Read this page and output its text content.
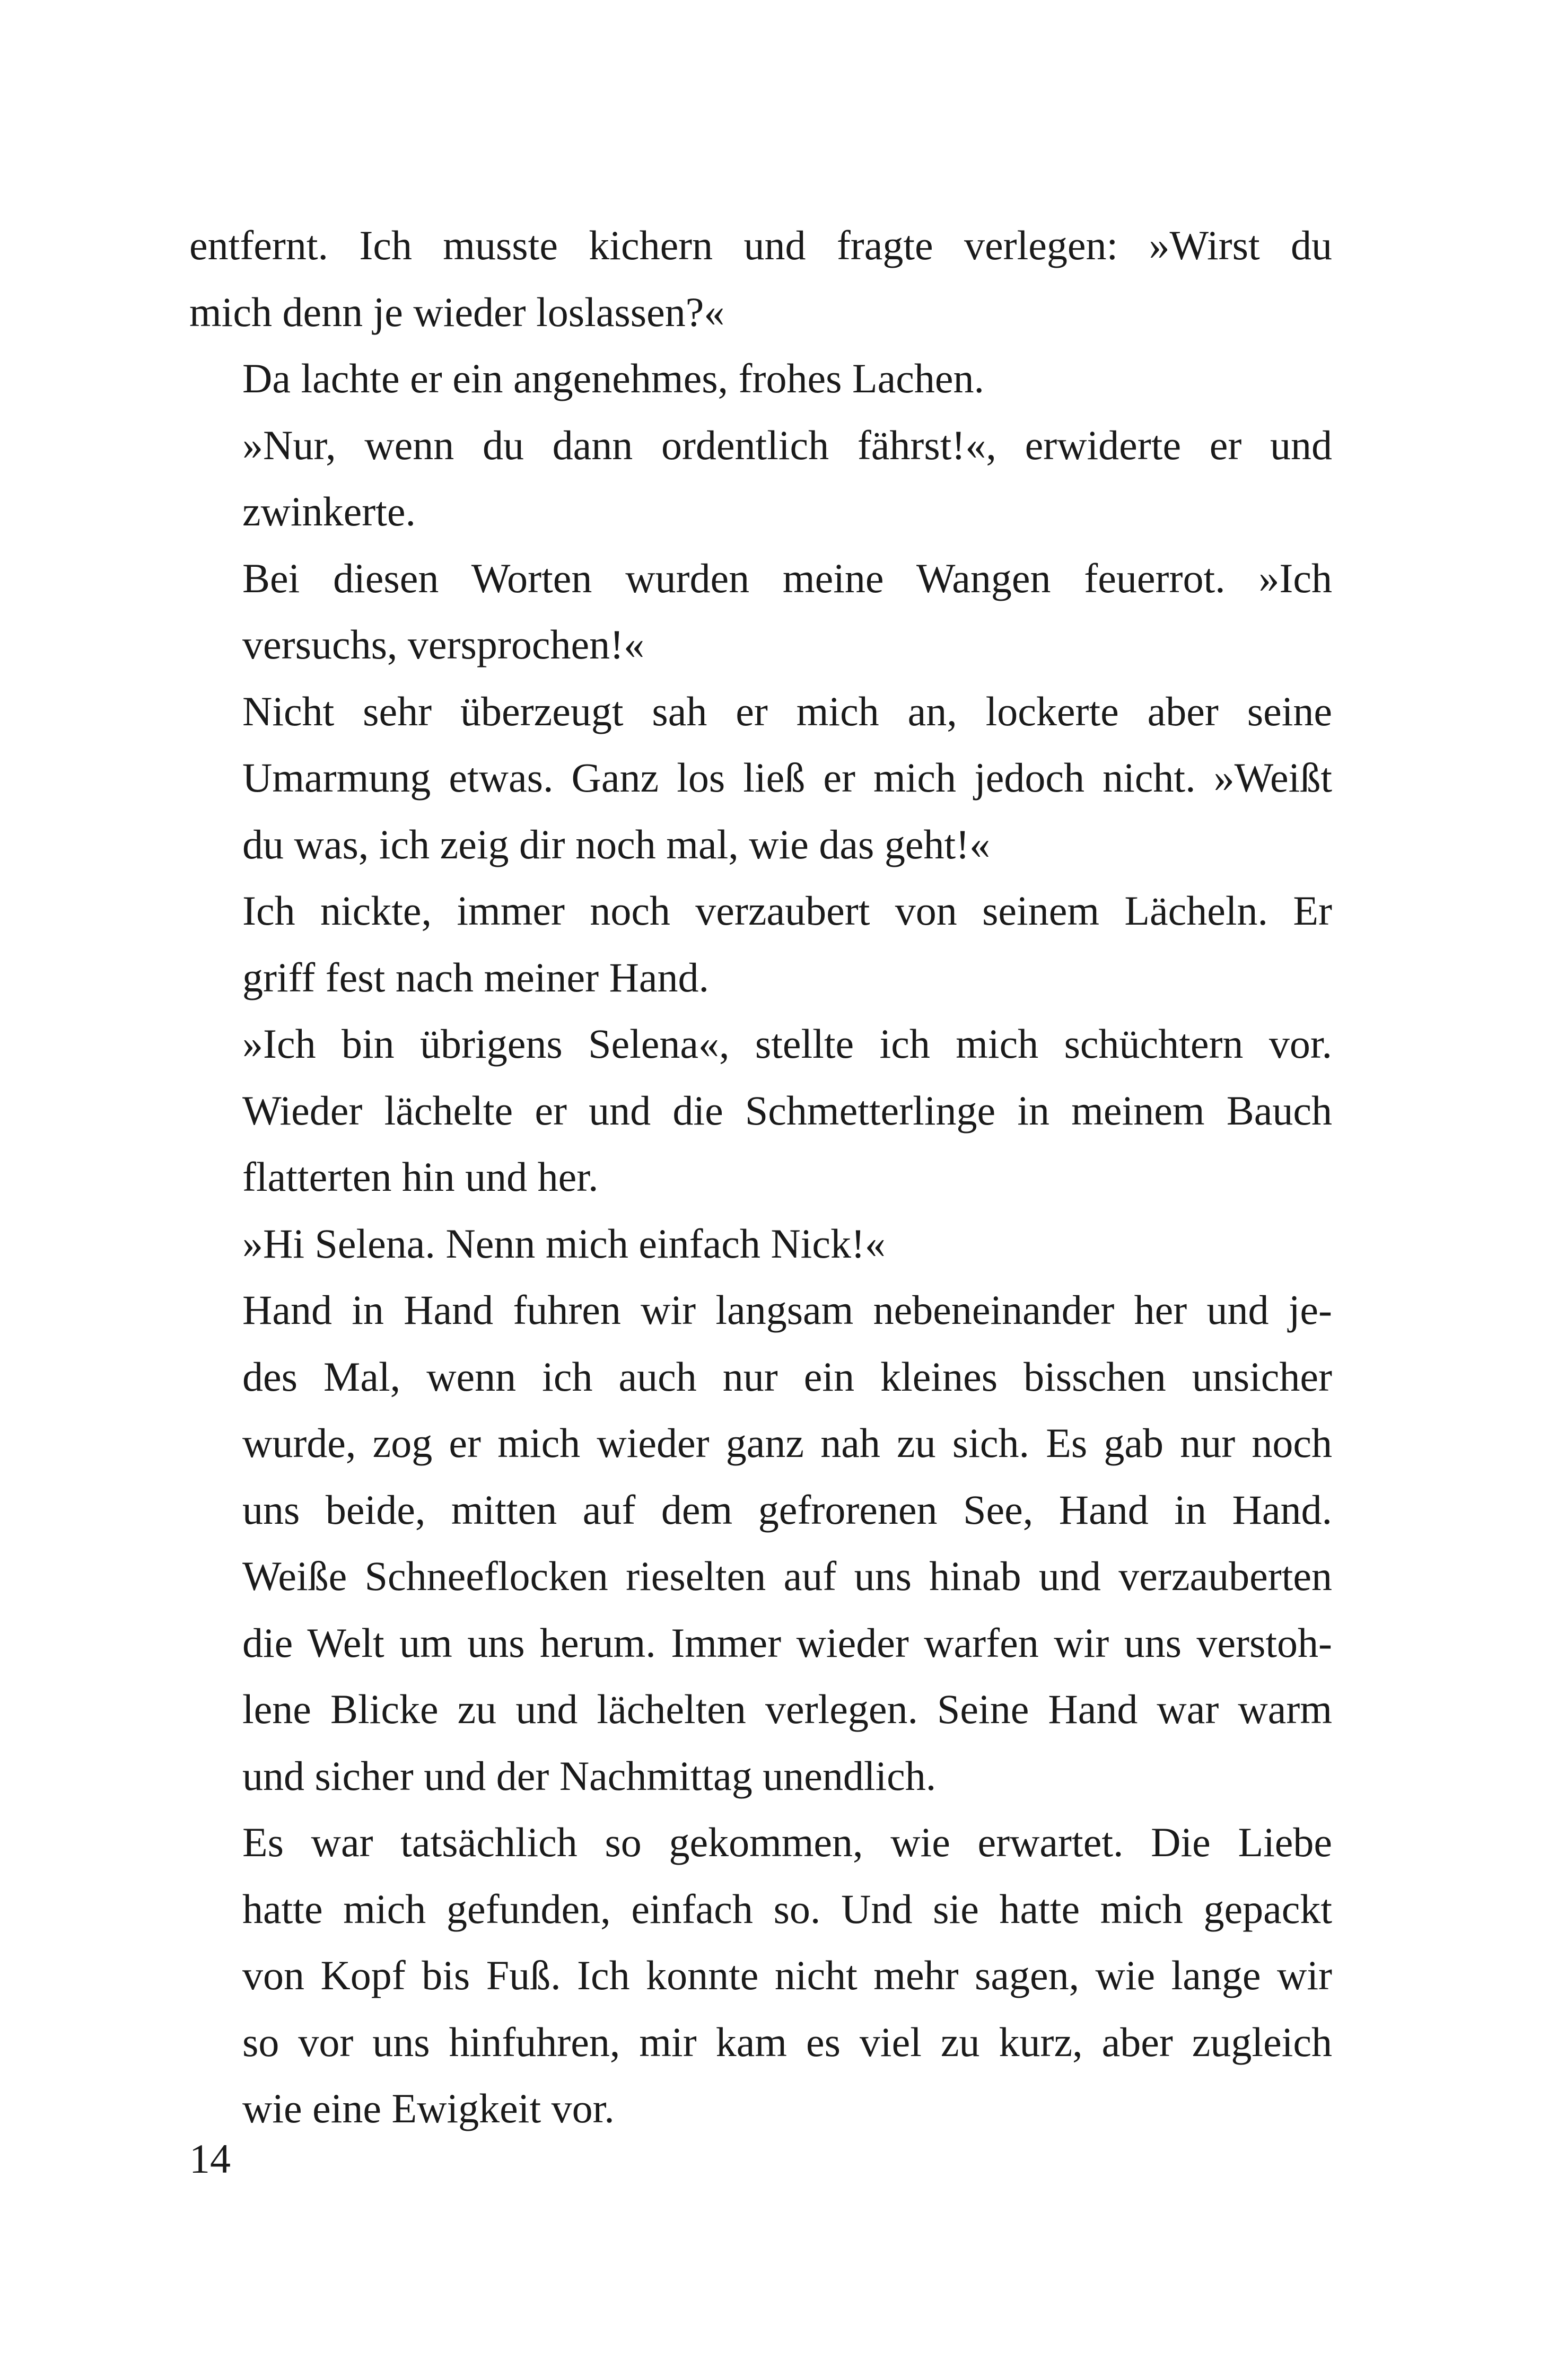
entfernt. Ich musste kichern und fragte verlegen: »Wirst du
mich denn je wieder loslassen?«
Da lachte er ein angenehmes, frohes Lachen.
»Nur, wenn du dann ordentlich fährst!«, erwiderte er und
zwinkerte.
Bei diesen Worten wurden meine Wangen feuerrot. »Ich
versuchs, versprochen!«
Nicht sehr überzeugt sah er mich an, lockerte aber seine
Umarmung etwas. Ganz los ließ er mich jedoch nicht. »Weißt
du was, ich zeig dir noch mal, wie das geht!«
Ich nickte, immer noch verzaubert von seinem Lächeln. Er
griff fest nach meiner Hand.
»Ich bin übrigens Selena«, stellte ich mich schüchtern vor.
Wieder lächelte er und die Schmetterlinge in meinem Bauch
flatterten hin und her.
»Hi Selena. Nenn mich einfach Nick!«
Hand in Hand fuhren wir langsam nebeneinander her und je-
des Mal, wenn ich auch nur ein kleines bisschen unsicher
wurde, zog er mich wieder ganz nah zu sich. Es gab nur noch
uns beide, mitten auf dem gefrorenen See, Hand in Hand.
Weiße Schneeflocken rieselten auf uns hinab und verzauberten
die Welt um uns herum. Immer wieder warfen wir uns verstoh-
lene Blicke zu und lächelten verlegen. Seine Hand war warm
und sicher und der Nachmittag unendlich.
Es war tatsächlich so gekommen, wie erwartet. Die Liebe
hatte mich gefunden, einfach so. Und sie hatte mich gepackt
von Kopf bis Fuß. Ich konnte nicht mehr sagen, wie lange wir
so vor uns hinfuhren, mir kam es viel zu kurz, aber zugleich
wie eine Ewigkeit vor.
14
